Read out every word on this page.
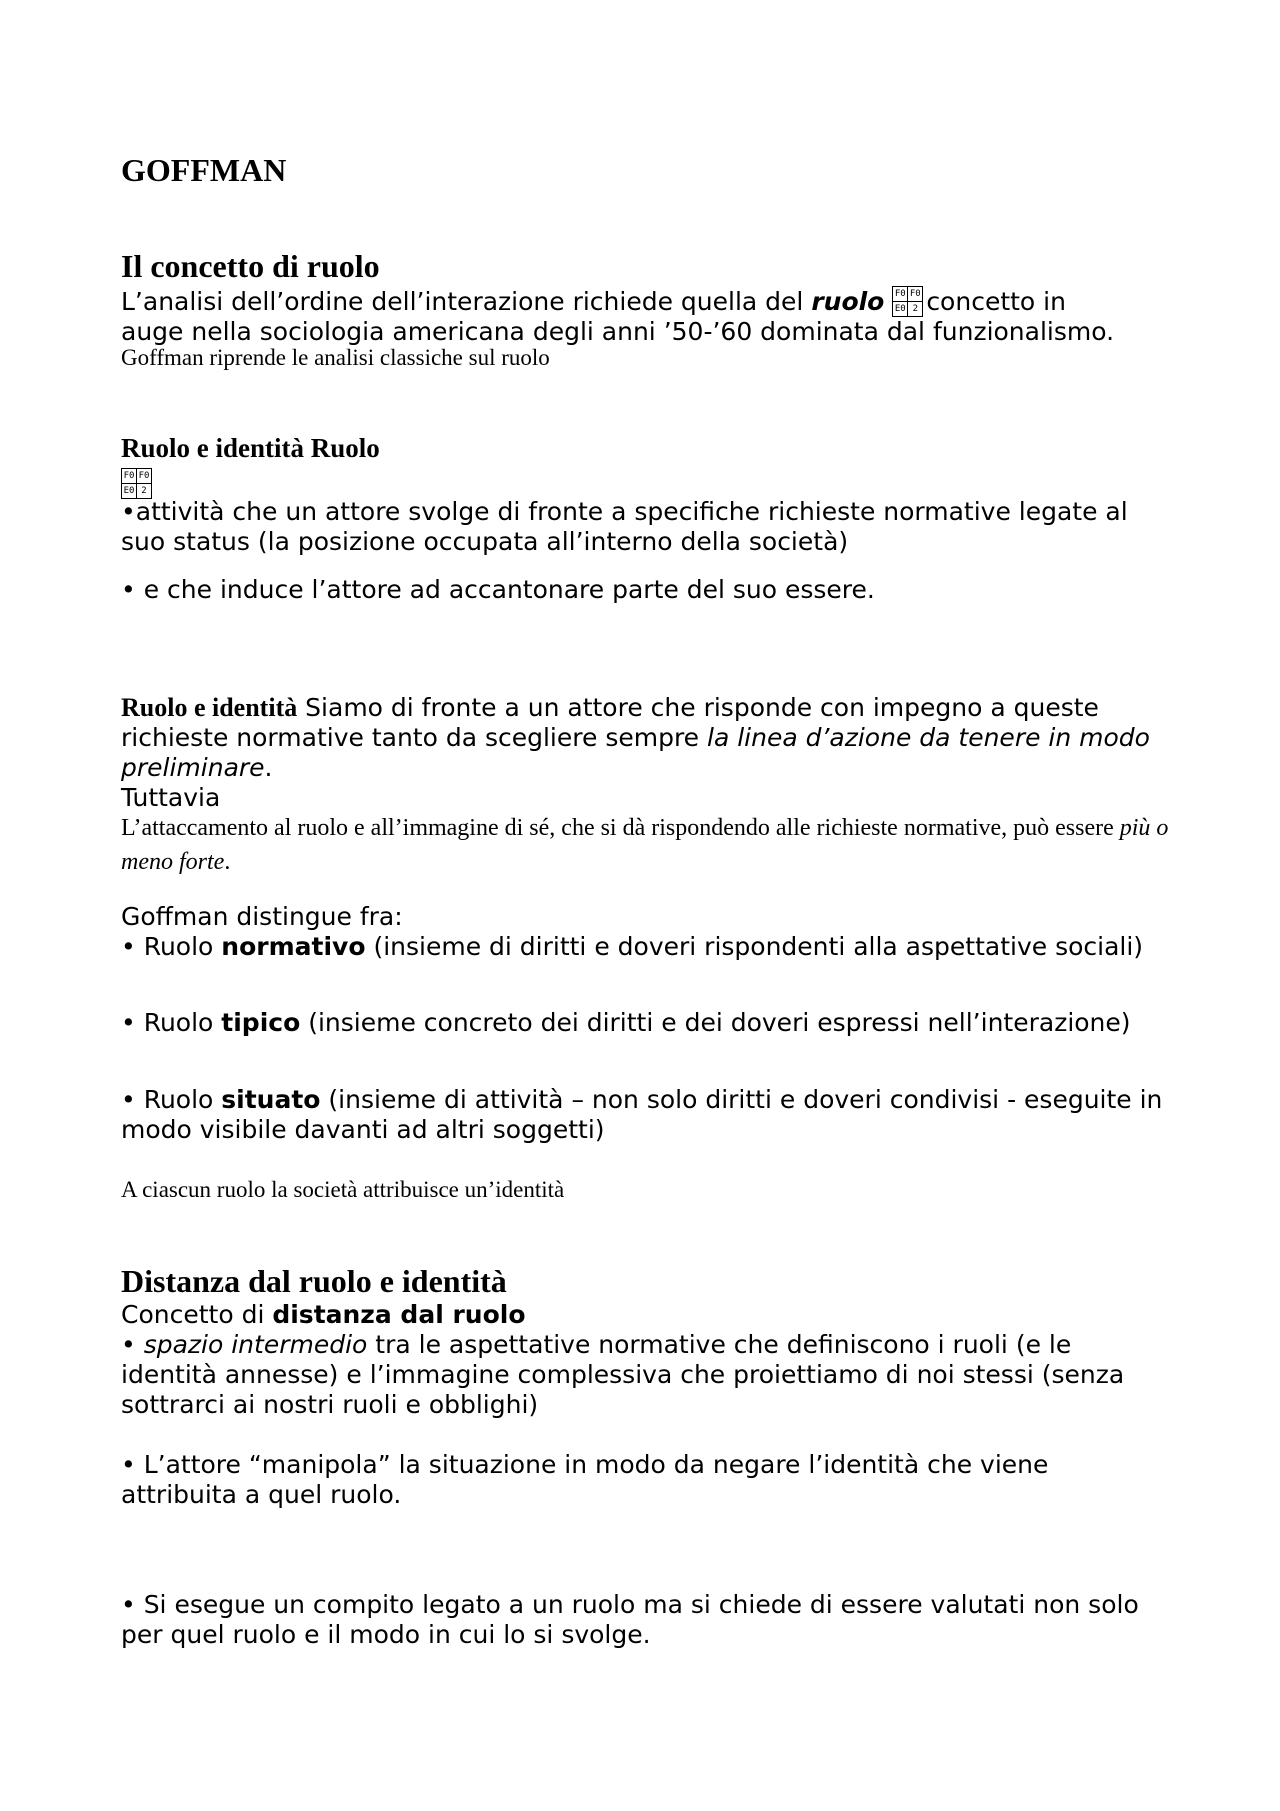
GOFFMAN
Il concetto di ruolo

L’analisi dell’ordine dell’interazione richiede quella del ruolo F0 F0
E0 2 concetto in
auge nella sociologia americana degli anni ’50-’60 dominata dal funzionalismo.

Goffman riprende le analisi classiche sul ruolo

Ruolo e identità Ruolo
F0 F0
E0 2

•attività che un attore svolge di fronte a specifiche richieste normative legate al suo status (la posizione occupata all’interno della società)

• e che induce l’attore ad accantonare parte del suo essere.

Ruolo e identità Siamo di fronte a un attore che risponde con impegno a queste richieste normative tanto da scegliere sempre la linea d’azione da tenere in modo preliminare.
Tuttavia

L’attaccamento al ruolo e all’immagine di sé, che si dà rispondendo alle richieste normative, può essere più o meno forte.

Goffman distingue fra:

• Ruolo normativo (insieme di diritti e doveri rispondenti alla aspettative sociali)

• Ruolo tipico (insieme concreto dei diritti e dei doveri espressi nell’interazione)

• Ruolo situato (insieme di attività – non solo diritti e doveri condivisi - eseguite in modo visibile davanti ad altri soggetti)

A ciascun ruolo la società attribuisce un’identità

Distanza dal ruolo e identità

Concetto di distanza dal ruolo

• spazio intermedio tra le aspettative normative che definiscono i ruoli (e le identità annesse) e l’immagine complessiva che proiettiamo di noi stessi (senza sottrarci ai nostri ruoli e obblighi)

• L’attore “manipola” la situazione in modo da negare l’identità che viene attribuita a quel ruolo.

• Si esegue un compito legato a un ruolo ma si chiede di essere valutati non solo per quel ruolo e il modo in cui lo si svolge.
